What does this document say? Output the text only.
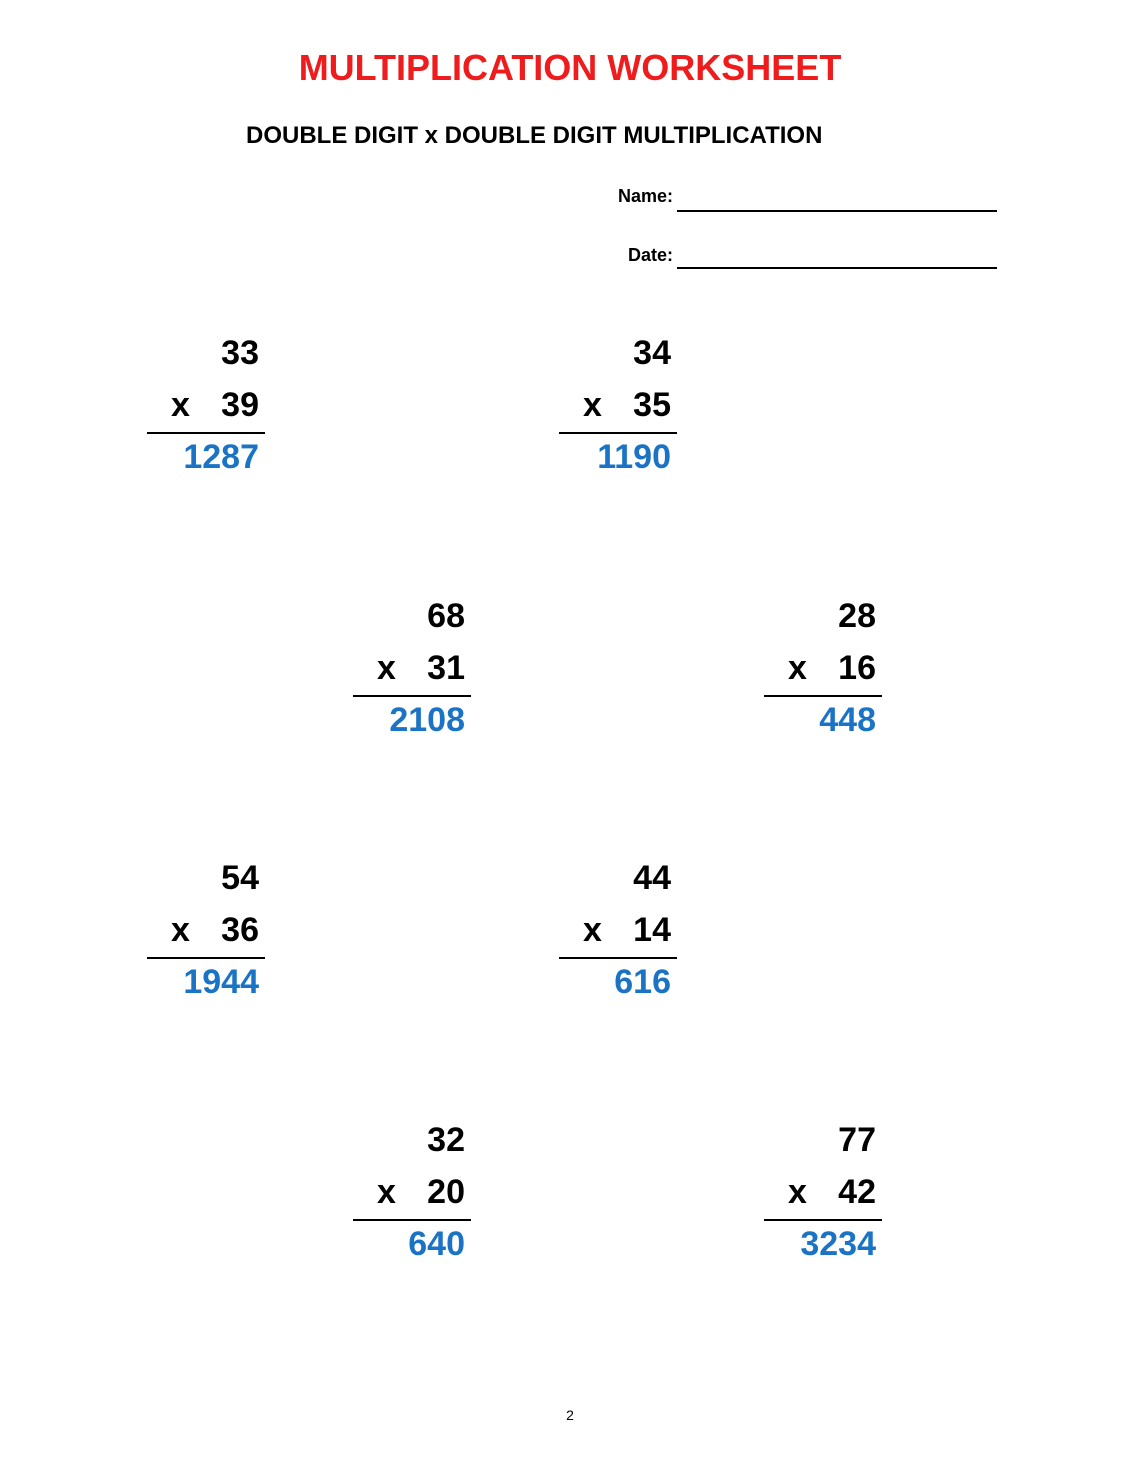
MULTIPLICATION WORKSHEET
DOUBLE DIGIT x DOUBLE DIGIT MULTIPLICATION
Name:
Date:
33
x 39
1287
34
x 35
1190
68
x 31
2108
28
x 16
448
54
x 36
1944
44
x 14
616
32
x 20
640
77
x 42
3234
2
